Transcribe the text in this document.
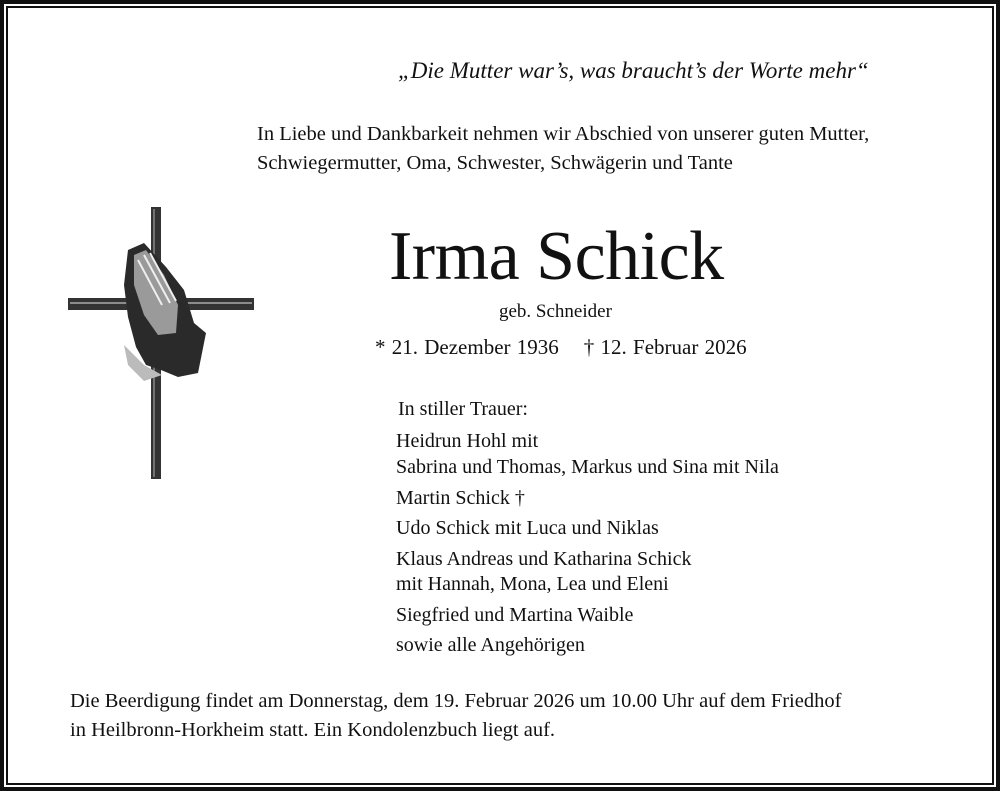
„Die Mutter war’s, was braucht’s der Worte mehr“
In Liebe und Dankbarkeit nehmen wir Abschied von unserer guten Mutter,
Schwiegermutter, Oma, Schwester, Schwägerin und Tante
Irma Schick
geb. Schneider
* 21. Dezember 1936    † 12. Februar 2026
In stiller Trauer:
Heidrun Hohl mit
Sabrina und Thomas, Markus und Sina mit Nila
Martin Schick †
Udo Schick mit Luca und Niklas
Klaus Andreas und Katharina Schick
mit Hannah, Mona, Lea und Eleni
Siegfried und Martina Waible
sowie alle Angehörigen
Die Beerdigung findet am Donnerstag, dem 19. Februar 2026 um 10.00 Uhr auf dem Friedhof
in Heilbronn-Horkheim statt. Ein Kondolenzbuch liegt auf.
